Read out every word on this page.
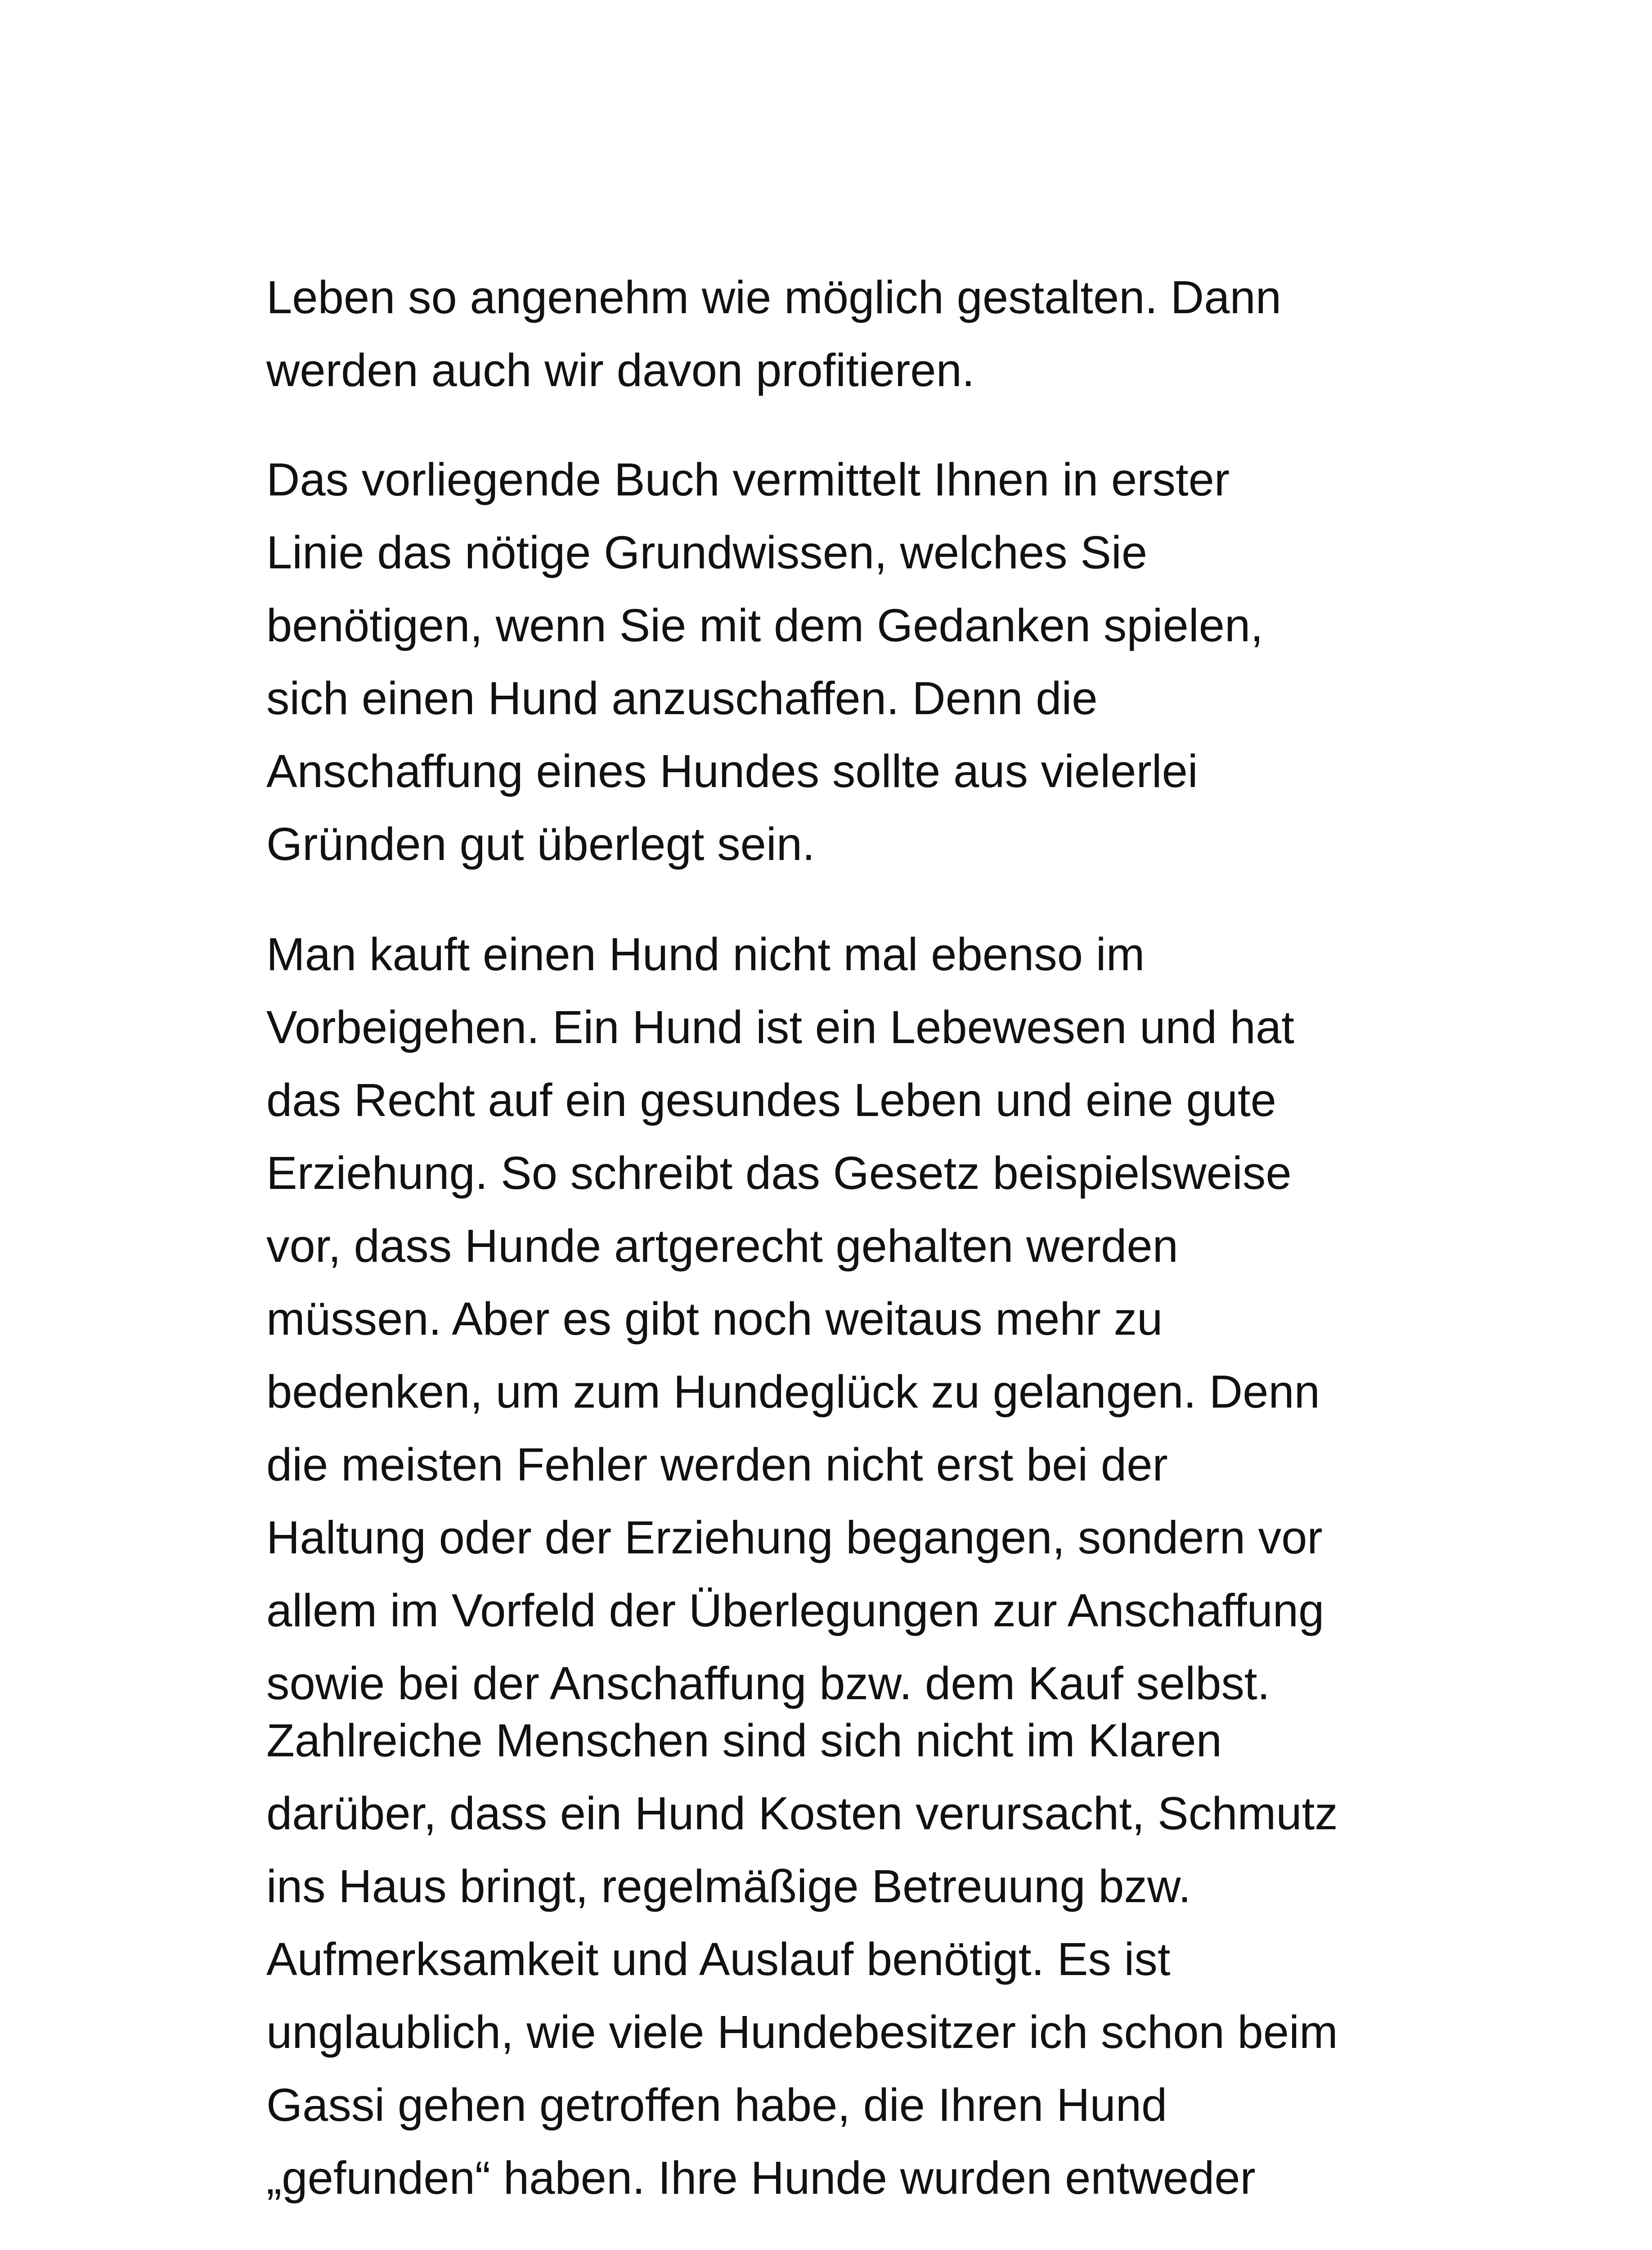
Leben so angenehm wie möglich gestalten. Dann
werden auch wir davon profitieren.
Das vorliegende Buch vermittelt Ihnen in erster
Linie das nötige Grundwissen, welches Sie
benötigen, wenn Sie mit dem Gedanken spielen,
sich einen Hund anzuschaffen. Denn die
Anschaffung eines Hundes sollte aus vielerlei
Gründen gut überlegt sein.
Man kauft einen Hund nicht mal ebenso im
Vorbeigehen. Ein Hund ist ein Lebewesen und hat
das Recht auf ein gesundes Leben und eine gute
Erziehung. So schreibt das Gesetz beispielsweise
vor, dass Hunde artgerecht gehalten werden
müssen. Aber es gibt noch weitaus mehr zu
bedenken, um zum Hundeglück zu gelangen. Denn
die meisten Fehler werden nicht erst bei der
Haltung oder der Erziehung begangen, sondern vor
allem im Vorfeld der Überlegungen zur Anschaffung
sowie bei der Anschaffung bzw. dem Kauf selbst.
Zahlreiche Menschen sind sich nicht im Klaren
darüber, dass ein Hund Kosten verursacht, Schmutz
ins Haus bringt, regelmäßige Betreuung bzw.
Aufmerksamkeit und Auslauf benötigt. Es ist
unglaublich, wie viele Hundebesitzer ich schon beim
Gassi gehen getroffen habe, die Ihren Hund
„gefunden“ haben. Ihre Hunde wurden entweder
